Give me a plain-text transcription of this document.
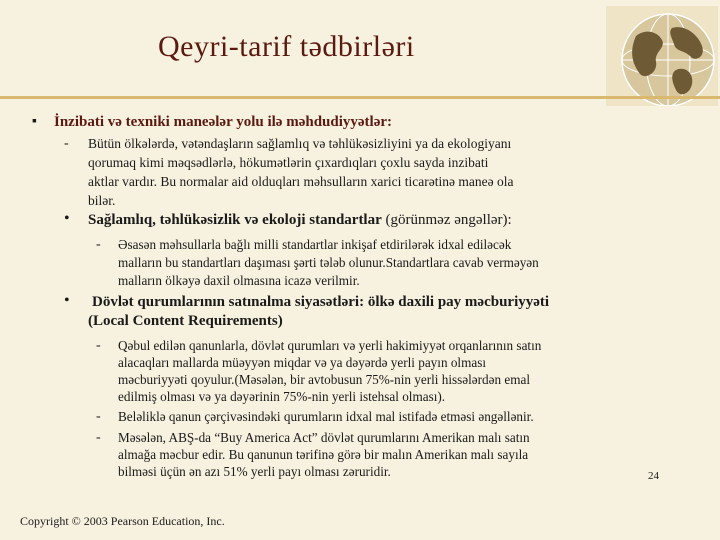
Qeyri-tarif tədbirləri
▪ İnzibati və texniki maneələr yolu ilə məhdudiyyətlər:
- Bütün ölkələrdə, vətəndaşların sağlamlıq və təhlükəsizliyini ya da ekologiyanı
qorumaq kimi məqsədlərlə, hökumətlərin çıxardıqları çoxlu sayda inzibati
aktlar vardır. Bu normalar aid olduqları məhsulların xarici ticarətinə maneə ola
bilər.
• Sağlamlıq, təhlükəsizlik və ekoloji standartlar (görünməz əngəllər):
- Əsasən məhsullarla bağlı milli standartlar inkişaf etdirilərək idxal ediləcək
malların bu standartları daşıması şərti tələb olunur.Standartlara cavab verməyən
malların ölkəyə daxil olmasına icazə verilmir.
• Dövlət qurumlarının satınalma siyasətləri: ölkə daxili pay məcburiyyəti
(Local Content Requirements)
- Qəbul edilən qanunlarla, dövlət qurumları və yerli hakimiyyət orqanlarının satın
alacaqları mallarda müəyyən miqdar və ya dəyərdə yerli payın olması
məcburiyyəti qoyulur.(Məsələn, bir avtobusun 75%-nin yerli hissələrdən emal
edilmiş olması və ya dəyərinin 75%-nin yerli istehsal olması).
- Beləliklə qanun çərçivəsindəki qurumların idxal mal istifadə etməsi əngəllənir.
- Məsələn, ABŞ-da “Buy America Act” dövlət qurumlarını Amerikan malı satın
almağa məcbur edir. Bu qanunun tərifinə görə bir malın Amerikan malı sayıla
bilməsi üçün ən azı 51% yerli payı olması zəruridir.	24
Copyright © 2003 Pearson Education, Inc.
